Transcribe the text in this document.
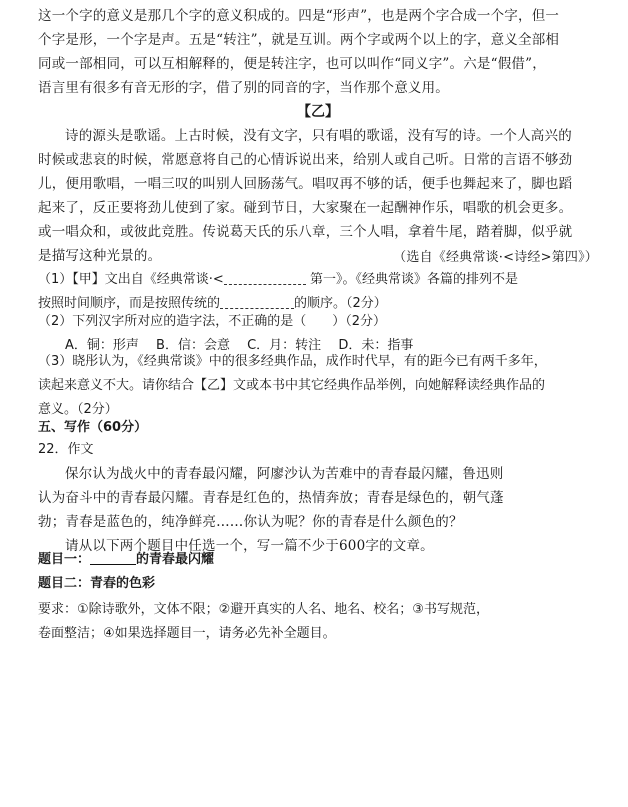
这一个字的意义是那几个字的意义积成的。四是“形声”，也是两个字合成一个字，但一
个字是形，一个字是声。五是“转注”，就是互训。两个字或两个以上的字，意义全部相
同或一部相同，可以互相解释的，便是转注字，也可以叫作“同义字”。六是“假借”，
语言里有很多有音无形的字，借了别的同音的字，当作那个意义用。
【乙】
诗的源头是歌谣。上古时候，没有文字，只有唱的歌谣，没有写的诗。一个人高兴的
时候或悲哀的时候，常愿意将自己的心情诉说出来，给别人或自己听。日常的言语不够劲
儿，便用歌唱，一唱三叹的叫别人回肠荡气。唱叹再不够的话，便手也舞起来了，脚也蹈
起来了，反正要将劲儿使到了家。碰到节日，大家聚在一起酬神作乐，唱歌的机会更多。
或一唱众和，或彼此竞胜。传说葛天氏的乐八章，三个人唱，拿着牛尾，踏着脚，似乎就
是描写这种光景的。	（选自《经典常谈·<诗经>第四》）
（1）【甲】文出自《经典常谈·<	第一》。《经典常谈》各篇的排列不是
按照时间顺序，而是按照传统的	的顺序。（2分）
（2）下列汉字所对应的造字法，不正确的是（　　）（2分）
A．铜：形声  B．信：会意  C．月：转注  D．未：指事
（3）晓彤认为，《经典常谈》中的很多经典作品，成作时代早，有的距今已有两千多年，
读起来意义不大。请你结合【乙】文或本书中其它经典作品举例，向她解释读经典作品的
意义。（2分）
五、写作（60分）
22．作文
保尔认为战火中的青春最闪耀，阿廖沙认为苦难中的青春最闪耀，鲁迅则
认为奋斗中的青春最闪耀。青春是红色的，热情奔放；青春是绿色的，朝气蓬
勃；青春是蓝色的，纯净鲜亮……你认为呢？你的青春是什么颜色的？
请从以下两个题目中任选一个，写一篇不少于600字的文章。
题目一：	的青春最闪耀
题目二：青春的色彩
要求：①除诗歌外，文体不限；②避开真实的人名、地名、校名；③书写规范，
卷面整洁；④如果选择题目一，请务必先补全题目。
